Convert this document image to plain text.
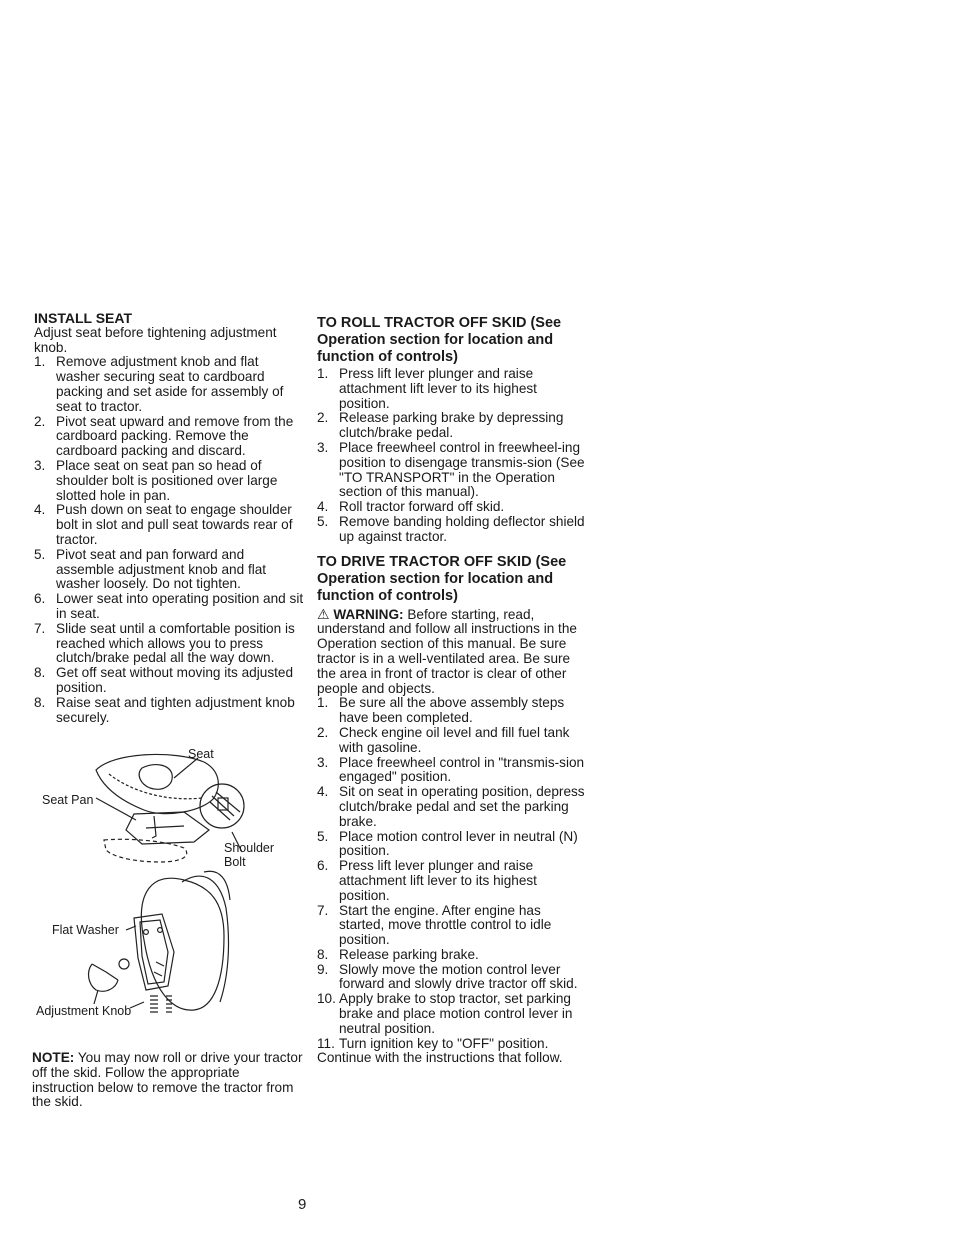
INSTALL SEAT

Adjust seat before tightening adjustment knob.

1. Remove adjustment knob and flat washer securing seat to cardboard packing and set aside for assembly of seat to tractor.
2. Pivot seat upward and remove from the cardboard packing. Remove the cardboard packing and discard.
3. Place seat on seat pan so head of shoulder bolt is positioned over large slotted hole in pan.
4. Push down on seat to engage shoulder bolt in slot and pull seat towards rear of tractor.
5. Pivot seat and pan forward and assemble adjustment knob and flat washer loosely. Do not tighten.
6. Lower seat into operating position and sit in seat.
7. Slide seat until a comfortable position is reached which allows you to press clutch/brake pedal all the way down.
8. Get off seat without moving its adjusted position.
8. Raise seat and tighten adjustment knob securely.
Seat
Seat Pan
Shoulder
Bolt
Flat Washer
Adjustment Knob

NOTE: You may now roll or drive your tractor off the skid. Follow the appropriate instruction below to remove the tractor from the skid.

TO ROLL TRACTOR OFF SKID (See Operation section for location and function of controls)

1. Press lift lever plunger and raise attachment lift lever to its highest position.
2. Release parking brake by depressing clutch/brake pedal.
3. Place freewheel control in freewheel-ing position to disengage transmis-sion (See "TO TRANSPORT" in the Operation section of this manual).
4. Roll tractor forward off skid.
5. Remove banding holding deflector shield up against tractor.

TO DRIVE TRACTOR OFF SKID (See Operation section for location and function of controls)

⚠ WARNING: Before starting, read, understand and follow all instructions in the Operation section of this manual. Be sure tractor is in a well-ventilated area. Be sure the area in front of tractor is clear of other people and objects.

1. Be sure all the above assembly steps have been completed.
2. Check engine oil level and fill fuel tank with gasoline.
3. Place freewheel control in "transmis-sion engaged" position.
4. Sit on seat in operating position, depress clutch/brake pedal and set the parking brake.
5. Place motion control lever in neutral (N) position.
6. Press lift lever plunger and raise attachment lift lever to its highest position.
7. Start the engine. After engine has started, move throttle control to idle position.
8. Release parking brake.
9. Slowly move the motion control lever forward and slowly drive tractor off skid.
10. Apply brake to stop tractor, set parking brake and place motion control lever in neutral position.
11. Turn ignition key to "OFF" position.

Continue with the instructions that follow.

9
